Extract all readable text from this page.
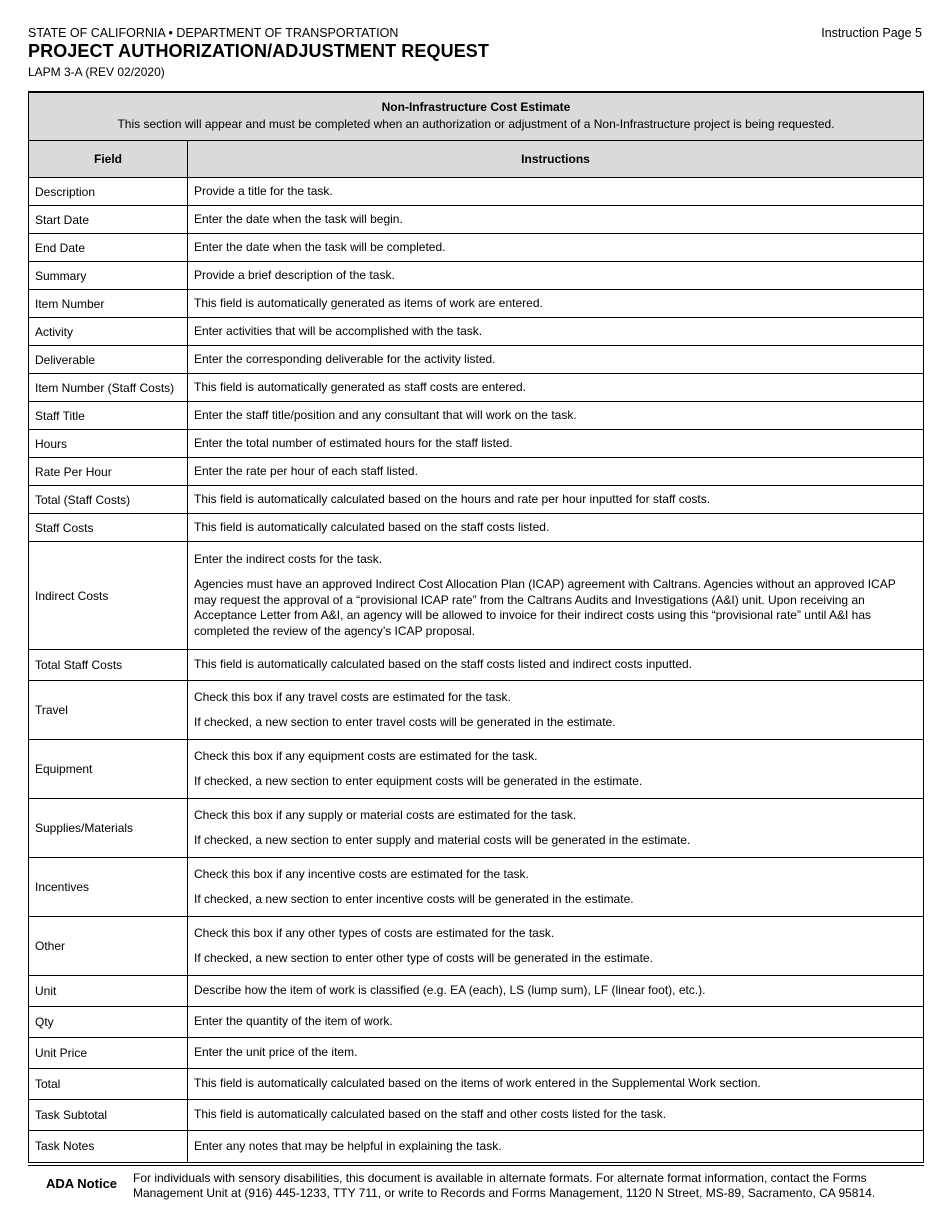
STATE OF CALIFORNIA • DEPARTMENT OF TRANSPORTATION
PROJECT AUTHORIZATION/ADJUSTMENT REQUEST
LAPM 3-A (REV 02/2020)
Instruction Page 5
Non-Infrastructure Cost Estimate
This section will appear and must be completed when an authorization or adjustment of a Non-Infrastructure project is being requested.
Field	Instructions
Description	Provide a title for the task.

Start Date	Enter the date when the task will begin.

End Date	Enter the date when the task will be completed.

Summary	Provide a brief description of the task.

Item Number	This field is automatically generated as items of work are entered.

Activity	Enter activities that will be accomplished with the task.

Deliverable	Enter the corresponding deliverable for the activity listed.

Item Number (Staff Costs)	This field is automatically generated as staff costs are entered.

Staff Title	Enter the staff title/position and any consultant that will work on the task.

Hours	Enter the total number of estimated hours for the staff listed.

Rate Per Hour	Enter the rate per hour of each staff listed.

Total (Staff Costs)	This field is automatically calculated based on the hours and rate per hour inputted for staff costs.

Staff Costs	This field is automatically calculated based on the staff costs listed.

Indirect Costs	Enter the indirect costs for the task.
Agencies must have an approved Indirect Cost Allocation Plan (ICAP) agreement with Caltrans. Agencies without an approved ICAP may request the approval of a “provisional ICAP rate” from the Caltrans Audits and Investigations (A&I) unit. Upon receiving an Acceptance Letter from A&I, an agency will be allowed to invoice for their indirect costs using this “provisional rate” until A&I has completed the review of the agency’s ICAP proposal.

Total Staff Costs	This field is automatically calculated based on the staff costs listed and indirect costs inputted.

Travel	Check this box if any travel costs are estimated for the task.
If checked, a new section to enter travel costs will be generated in the estimate.

Equipment	Check this box if any equipment costs are estimated for the task.
If checked, a new section to enter equipment costs will be generated in the estimate.

Supplies/Materials	Check this box if any supply or material costs are estimated for the task.
If checked, a new section to enter supply and material costs will be generated in the estimate.

Incentives	Check this box if any incentive costs are estimated for the task.
If checked, a new section to enter incentive costs will be generated in the estimate.

Other	Check this box if any other types of costs are estimated for the task.
If checked, a new section to enter other type of costs will be generated in the estimate.

Unit	Describe how the item of work is classified (e.g. EA (each), LS (lump sum), LF (linear foot), etc.).

Qty	Enter the quantity of the item of work.

Unit Price	Enter the unit price of the item.

Total	This field is automatically calculated based on the items of work entered in the Supplemental Work section.

Task Subtotal	This field is automatically calculated based on the staff and other costs listed for the task.

Task Notes	Enter any notes that may be helpful in explaining the task.
ADA Notice For individuals with sensory disabilities, this document is available in alternate formats. For alternate format information, contact the Forms Management Unit at (916) 445-1233, TTY 711, or write to Records and Forms Management, 1120 N Street, MS-89, Sacramento, CA 95814.
